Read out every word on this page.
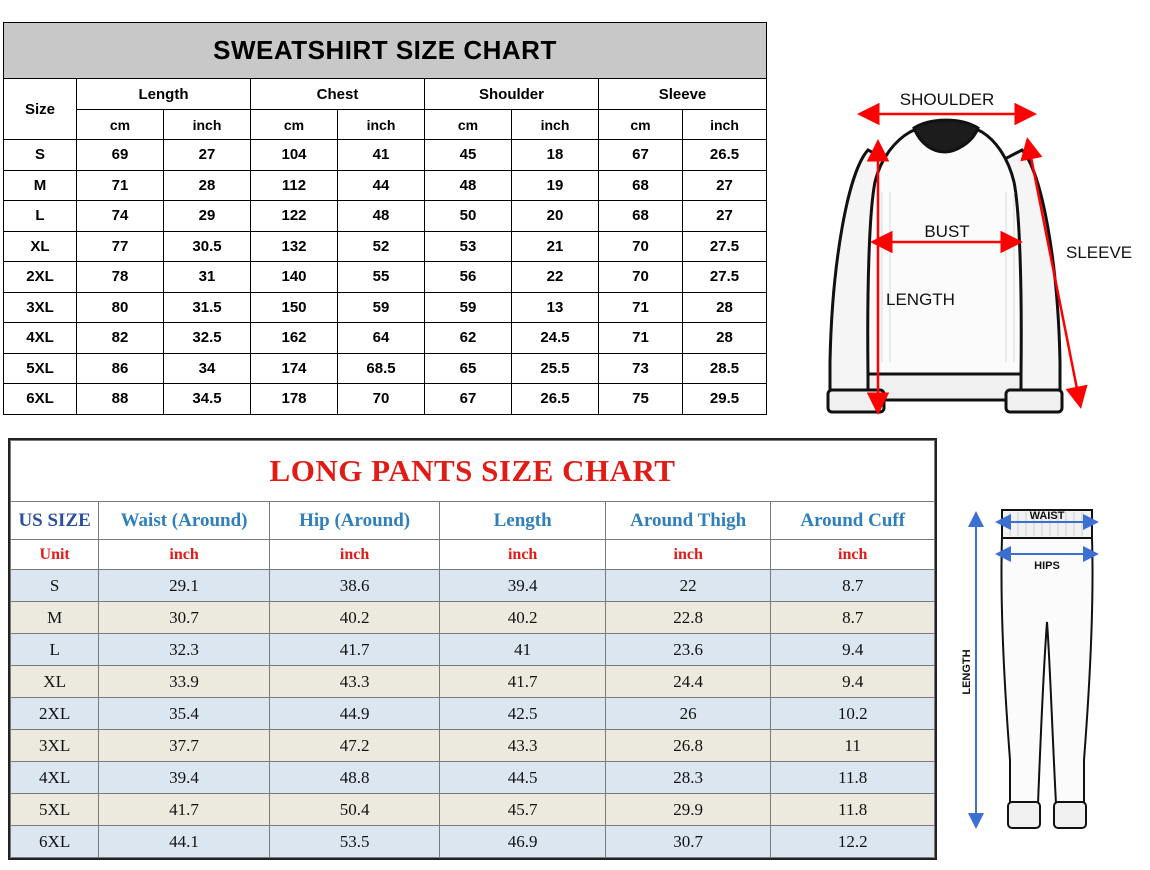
SWEATSHIRT SIZE CHART								
Size	Length		Chest		Shoulder		Sleeve	
	cm	inch	cm	inch	cm	inch	cm	inch
S	69	27	104	41	45	18	67	26.5
M	71	28	112	44	48	19	68	27
L	74	29	122	48	50	20	68	27
XL	77	30.5	132	52	53	21	70	27.5
2XL	78	31	140	55	56	22	70	27.5
3XL	80	31.5	150	59	59	13	71	28
4XL	82	32.5	162	64	62	24.5	71	28
5XL	86	34	174	68.5	65	25.5	73	28.5
6XL	88	34.5	178	70	67	26.5	75	29.5
SHOULDER
BUST
LENGTH
SLEEVE
LONG PANTS SIZE CHART					
US SIZE	Waist (Around)	Hip (Around)	Length	Around Thigh	Around Cuff
Unit	inch	inch	inch	inch	inch
S	29.1	38.6	39.4	22	8.7
M	30.7	40.2	40.2	22.8	8.7
L	32.3	41.7	41	23.6	9.4
XL	33.9	43.3	41.7	24.4	9.4
2XL	35.4	44.9	42.5	26	10.2
3XL	37.7	47.2	43.3	26.8	11
4XL	39.4	48.8	44.5	28.3	11.8
5XL	41.7	50.4	45.7	29.9	11.8
6XL	44.1	53.5	46.9	30.7	12.2
WAIST
HIPS
LENGTH
